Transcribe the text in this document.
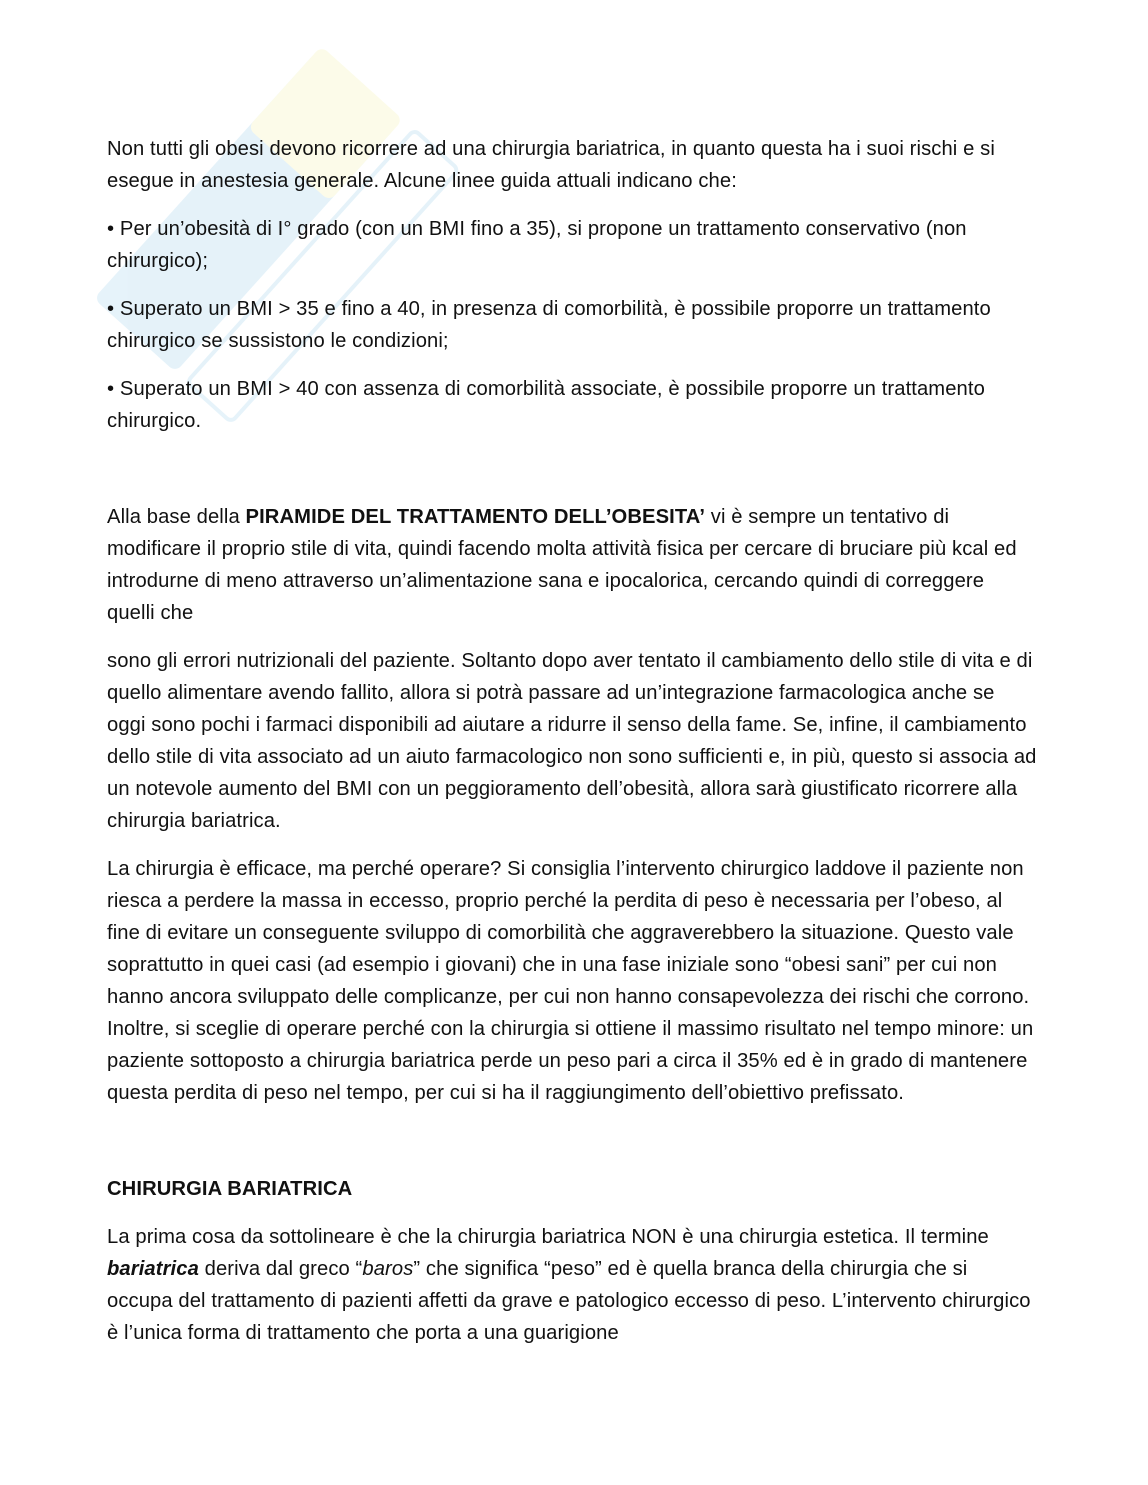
Non tutti gli obesi devono ricorrere ad una chirurgia bariatrica, in quanto questa ha i suoi rischi e si esegue in anestesia generale. Alcune linee guida attuali indicano che:

• Per un’obesità di I° grado (con un BMI fino a 35), si propone un trattamento conservativo (non chirurgico);

• Superato un BMI > 35 e fino a 40, in presenza di comorbilità, è possibile proporre un trattamento chirurgico se sussistono le condizioni;

• Superato un BMI > 40 con assenza di comorbilità associate, è possibile proporre un trattamento chirurgico.

Alla base della PIRAMIDE DEL TRATTAMENTO DELL’OBESITA’ vi è sempre un tentativo di modificare il proprio stile di vita, quindi facendo molta attività fisica per cercare di bruciare più kcal ed introdurne di meno attraverso un’alimentazione sana e ipocalorica, cercando quindi di correggere quelli che

sono gli errori nutrizionali del paziente. Soltanto dopo aver tentato il cambiamento dello stile di vita e di quello alimentare avendo fallito, allora si potrà passare ad un’integrazione farmacologica anche se oggi sono pochi i farmaci disponibili ad aiutare a ridurre il senso della fame. Se, infine, il cambiamento dello stile di vita associato ad un aiuto farmacologico non sono sufficienti e, in più, questo si associa ad un notevole aumento del BMI con un peggioramento dell’obesità, allora sarà giustificato ricorrere alla chirurgia bariatrica.

La chirurgia è efficace, ma perché operare? Si consiglia l’intervento chirurgico laddove il paziente non riesca a perdere la massa in eccesso, proprio perché la perdita di peso è necessaria per l’obeso, al fine di evitare un conseguente sviluppo di comorbilità che aggraverebbero la situazione. Questo vale soprattutto in quei casi (ad esempio i giovani) che in una fase iniziale sono “obesi sani” per cui non hanno ancora sviluppato delle complicanze, per cui non hanno consapevolezza dei rischi che corrono. Inoltre, si sceglie di operare perché con la chirurgia si ottiene il massimo risultato nel tempo minore: un paziente sottoposto a chirurgia bariatrica perde un peso pari a circa il 35% ed è in grado di mantenere questa perdita di peso nel tempo, per cui si ha il raggiungimento dell’obiettivo prefissato.

CHIRURGIA BARIATRICA

La prima cosa da sottolineare è che la chirurgia bariatrica NON è una chirurgia estetica. Il termine bariatrica deriva dal greco “baros” che significa “peso” ed è quella branca della chirurgia che si occupa del trattamento di pazienti affetti da grave e patologico eccesso di peso. L’intervento chirurgico è l’unica forma di trattamento che porta a una guarigione
